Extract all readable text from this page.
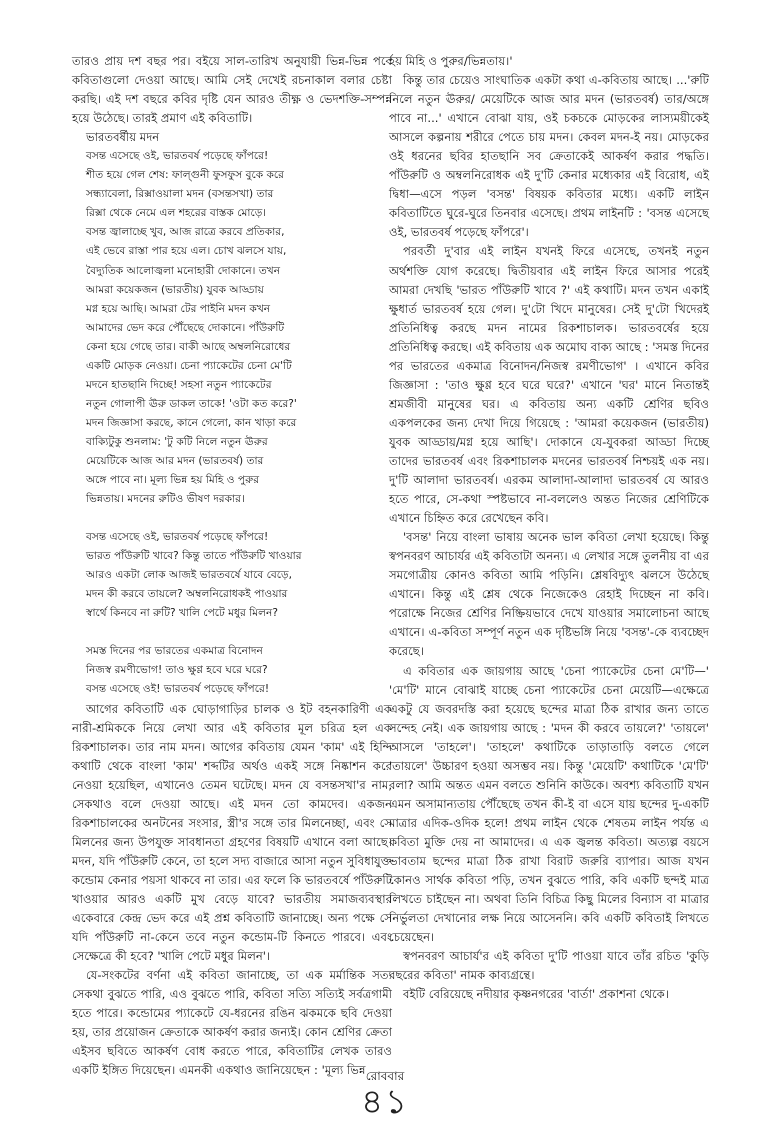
তারও প্রায় দশ বছর পর। বইয়ে সাল-তারিখ অনুযায়ী ভিন্ন-ভিন্ন পর্বে কবিতাগুলো দেওয়া আছে। আমি সেই দেখেই রচনাকাল বলার চেষ্টা করছি। এই দশ বছরে কবির দৃষ্টি যেন আরও তীক্ষ্ণ ও ভেদশক্তি-সম্পন্ন হয়ে উঠেছে। তারই প্রমাণ এই কবিতাটি।

ভারতবর্ষীয় মদন

বসন্ত এসেছে ওই, ভারতবর্ষ পড়েছে ফাঁপরে!
শীত হয়ে গেল শেষ: ফাল্গুনী ফুসফুস বুকে করে
সন্ধ্যাবেলা, রিক্সাওয়ালা মদন (বসন্তসখা) তার
রিক্সা থেকে নেমে এল শহরের বাস্তক মোড়ে।
বসন্ত জ্বালাচ্ছে খুব, আজ রাত্রে করবে প্রতিকার,
এই ভেবে রাস্তা পার হয়ে এল। চোখ ঝলসে যায়,
বৈদ্যুতিক আলোজ্বলা মনোহারী দোকানে। তখন
আমরা কয়েকজন (ভারতীয়) যুবক আড্ডায়
মগ্ন হয়ে আছি। আমরা টের পাইনি মদন কখন
আমাদের ভেদ করে পৌঁছেছে দোকানে। পাঁউরুটি
কেনা হয়ে গেছে তার। বাকী আছে অম্বলনিরোধের
একটি মোড়ক নেওয়া। চেনা প্যাকেটের চেনা মে'টি
মদনে হাতছানি দিচ্ছে! সহসা নতুন প্যাকেটের
নতুন গোলাপী ঊরু ডাকল তাকে! 'ওটা কত করে?'
মদন জিজ্ঞাসা করছে, কানে গেলো, কান খাড়া করে
বাক্যিটুকু শুনলাম: 'টু কটি নিলে নতুন ঊরুর
মেয়েটিকে আজ আর মদন (ভারতবর্ষ) তার
অঙ্গে পাবে না। মূল্য ভিন্ন হয় মিহি ও পুরুর
ভিন্নতায়। মদনের রুটিও ভীষণ দরকার।
বসন্ত এসেছে ওই, ভারতবর্ষ পড়েছে ফাঁপরে!
ভারত পাঁউরুটি খাবে? কিন্তু তাতে পাঁউরুটি খাওয়ার
আরও একটা লোক আজই ভারতবর্ষে যাবে বেড়ে,
মদন কী করবে তায়লে? অম্বলনিরোধকই পাওয়ার
স্বার্থে কিনবে না রুটি? খালি পেটে মধুর মিলন?
সমস্ত দিনের পর ভারতের একমাত্র বিনোদন
নিজস্ব রমণীভোগ! তাও ক্ষুণ্ণ হবে ঘরে ঘরে?
বসন্ত এসেছে ওই! ভারতবর্ষ পড়েছে ফাঁপরে!

আগের কবিতাটি এক ঘোড়াগাড়ির চালক ও ইট বহনকারিণী এক নারী-শ্রমিককে নিয়ে লেখা আর এই কবিতার মূল চরিত্র হল এক রিকশাচালক। তার নাম মদন। আগের কবিতায় যেমন 'কাম' এই হিন্দি কথাটি থেকে বাংলা 'কাম' শব্দটির অর্থও একই সঙ্গে নিষ্কাশন করে নেওয়া হয়েছিল, এখানেও তেমন ঘটেছে। মদন যে বসন্তসখা'র নাম, সেকথাও বলে দেওয়া আছে। এই মদন তো কামদেব। একজন রিকশাচালকের অনটনের সংসার, স্ত্রী'র সঙ্গে তার মিলনেচ্ছা, এবং সে মিলনের জন্য উপযুক্ত সাবধানতা গ্রহণের বিষয়টি এখানে বলা আছে। মদন, যদি পাঁউরুটি কেনে, তা হলে সদ্য বাজারে আসা নতুন সুবিধাযুক্ত কন্ডোম কেনার পয়সা থাকবে না তার। এর ফলে কি ভারতবর্ষে পাঁউরুটি খাওয়ার আরও একটি মুখ বেড়ে যাবে? ভারতীয় সমাজব্যবস্থার একেবারে কেন্দ্র ভেদ করে এই প্রশ্ন কবিতাটি জানাচ্ছে। অন্য পক্ষে সে যদি পাঁউরুটি না-কেনে তবে নতুন কন্ডোম-টি কিনতে পারবে। এবং সেক্ষেত্রে কী হবে? 'খালি পেটে মধুর মিলন'।

যে-সংকটের বর্ণনা এই কবিতা জানাচ্ছে, তা এক মর্মান্তিক সত্য সেকথা বুঝতে পারি, এও বুঝতে পারি, কবিতা সত্যি সত্যিই সর্বত্রগামী হতে পারে। কন্ডোমের প্যাকেটে যে-ধরনের রঙিন ঝকমকে ছবি দেওয়া হয়, তার প্রয়োজন ক্রেতাকে আকর্ষণ করার জন্যই। কোন শ্রেণির ক্রেতা এইসব ছবিতে আকর্ষণ বোধ করতে পারে, কবিতাটির লেখক তারও একটি ইঙ্গিত দিয়েছেন। এমনকী একথাও জানিয়েছেন : 'মূল্য ভিন্ন

হয় মিহি ও পুরুর/ভিন্নতায়।'

কিন্তু তার চেয়েও সাংঘাতিক একটা কথা এ-কবিতায় আছে। ...'রুটি নিলে নতুন ঊরুর/ মেয়েটিকে আজ আর মদন (ভারতবর্ষ) তার/অঙ্গে পাবে না...' এখানে বোঝা যায়, ওই চকচকে মোড়কের লাস্যময়ীকেই আসলে কল্পনায় শরীরে পেতে চায় মদন। কেবল মদন-ই নয়। মোড়কের ওই ধরনের ছবির হাতছানি সব ক্রেতাকেই আকর্ষণ করার পদ্ধতি। পাঁউরুটি ও অম্বলনিরোধক এই দু'টি কেনার মধ্যেকার এই বিরোধ, এই দ্বিধা—এসে পড়ল 'বসন্ত' বিষয়ক কবিতার মধ্যে। একটি লাইন কবিতাটিতে ঘুরে-ঘুরে তিনবার এসেছে। প্রথম লাইনটি : 'বসন্ত এসেছে ওই, ভারতবর্ষ পড়েছে ফাঁপরে'।

পরবর্তী দু'বার এই লাইন যখনই ফিরে এসেছে, তখনই নতুন অর্থশক্তি যোগ করেছে। দ্বিতীয়বার এই লাইন ফিরে আসার পরেই আমরা দেখছি 'ভারত পাঁউরুটি খাবে ?' এই কথাটি। মদন তখন একাই ক্ষুধার্ত ভারতবর্ষ হয়ে গেল। দু'টো খিদে মানুষের। সেই দু'টো খিদেরই প্রতিনিধিত্ব করছে মদন নামের রিকশাচালক। ভারতবর্ষের হয়ে প্রতিনিধিত্ব করছে। এই কবিতায় এক অমোঘ বাক্য আছে : 'সমস্ত দিনের পর ভারতের একমাত্র বিনোদন/নিজস্ব রমণীভোগ' । এখানে কবির জিজ্ঞাসা : 'তাও ক্ষুণ্ণ হবে ঘরে ঘরে?' এখানে 'ঘর' মানে নিতান্তই শ্রমজীবী মানুষের ঘর। এ কবিতায় অন্য একটি শ্রেণির ছবিও একপলকের জন্য দেখা দিয়ে গিয়েছে : 'আমরা কয়েকজন (ভারতীয়) যুবক আড্ডায়/মগ্ন হয়ে আছি'। দোকানে যে-যুবকরা আড্ডা দিচ্ছে তাদের ভারতবর্ষ এবং রিকশাচালক মদনের ভারতবর্ষ নিশ্চয়ই এক নয়। দু'টি আলাদা ভারতবর্ষ। এরকম আলাদা-আলাদা ভারতবর্ষ যে আরও হতে পারে, সে-কথা স্পষ্টভাবে না-বললেও অন্তত নিজের শ্রেণিটিকে এখানে চিহ্নিত করে রেখেছেন কবি।

'বসন্ত' নিয়ে বাংলা ভাষায় অনেক ভাল কবিতা লেখা হয়েছে। কিন্তু স্বপনবরণ আচার্যর এই কবিতাটা অনন্য। এ লেখার সঙ্গে তুলনীয় বা এর সমগোত্রীয় কোনও কবিতা আমি পড়িনি। শ্লেষবিদ্যুৎ ঝলসে উঠেছে এখানে। কিন্তু এই শ্লেষ থেকে নিজেকেও রেহাই দিচ্ছেন না কবি। পরোক্ষে নিজের শ্রেণির নিষ্ক্রিয়ভাবে দেখে যাওয়ার সমালোচনা আছে এখানে। এ-কবিতা সম্পূর্ণ নতুন এক দৃষ্টিভঙ্গি নিয়ে 'বসন্ত'-কে ব্যবচ্ছেদ করেছে।

এ কবিতার এক জায়গায় আছে 'চেনা প্যাকেটের চেনা মে'টি—' 'মে'টি' মানে বোঝাই যাচ্ছে চেনা প্যাকেটের চেনা মেয়েটি—এক্ষেত্রে একটু যে জবরদস্তি করা হয়েছে ছন্দের মাত্রা ঠিক রাখার জন্য তাতে সন্দেহ নেই। এক জায়গায় আছে : 'মদন কী করবে তায়লে?' 'তায়লে' আসলে 'তাহলে'। 'তাহলে' কথাটিকে তাড়াতাড়ি বলতে গেলে 'তায়লে' উচ্চারণ হওয়া অসম্ভব নয়। কিন্তু 'মেয়েটি' কথাটিকে 'মে'টি' বলা? আমি অন্তত এমন বলতে শুনিনি কাউকে। অবশ্য কবিতাটি যখন এমন অসামান্যতায় পৌঁছেছে তখন কী-ই বা এসে যায় ছন্দের দু-একটি মাত্রার এদিক-ওদিক হলে! প্রথম লাইন থেকে শেষতম লাইন পর্যন্ত এ কবিতা মুক্তি দেয় না আমাদের। এ এক জ্বলন্ত কবিতা। অত্যল্প বয়সে ভাবতাম ছন্দের মাত্রা ঠিক রাখা বিরাট জরুরি ব্যাপার। আজ যখন কোনও সার্থক কবিতা পড়ি, তখন বুঝতে পারি, কবি একটি ছন্দই মাত্র লিখতে চাইছেন না। অথবা তিনি বিচিত্র কিছু মিলের বিন্যাস বা মাত্রার নির্ভুলতা দেখানোর লক্ষ নিয়ে আসেননি। কবি একটি কবিতাই লিখতে চেয়েছেন।

স্বপনবরণ আচার্য'র এই কবিতা দু'টি পাওয়া যাবে তাঁর রচিত 'কুড়ি বছরের কবিতা' নামক কাব্যগ্রন্থে।

বইটি বেরিয়েছে নদীয়ার কৃষ্ণনগরের 'বার্তা' প্রকাশনা থেকে।

রোববার
৪১
